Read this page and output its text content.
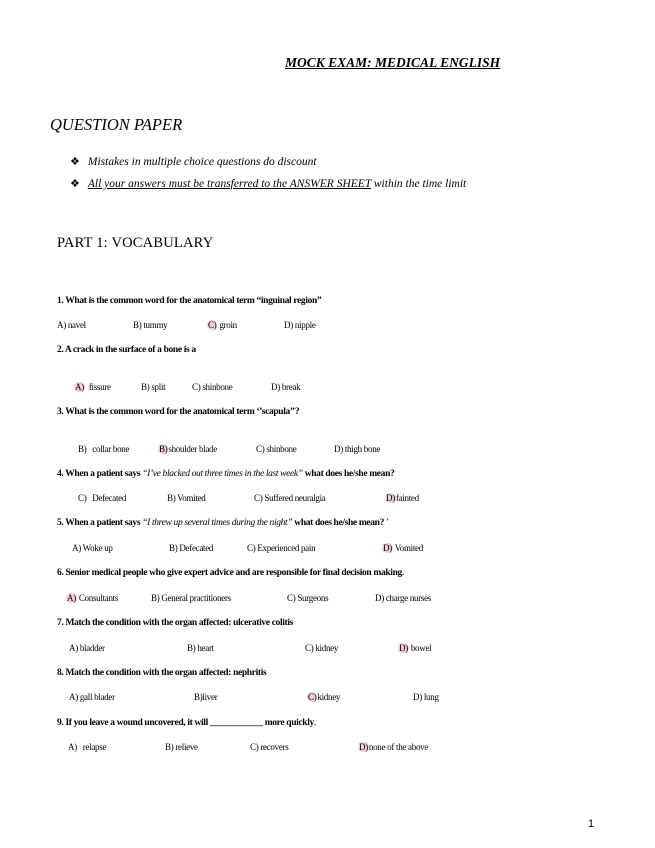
MOCK EXAM: MEDICAL ENGLISH
QUESTION PAPER
❖ Mistakes in multiple choice questions do discount
❖ All your answers must be transferred to the ANSWER SHEET within the time limit
PART 1: VOCABULARY
1. What is the common word for the anatomical term “inguinal region”
A) navel	B) tummy	C) groin	D) nipple
2. A crack in the surface of a bone is a
A) fissure	B) split	C) shinbone	D) break
3. What is the common word for the anatomical term ‘’scapula’’?
B) collar bone	B)shoulder blade	C) shinbone	D) thigh bone
4. When a patient says “I’ve blacked out three times in the last week” what does he/she mean?
C) Defecated	B) Vomited	C) Suffered neuralgia	D)fainted
5. When a patient says “I threw up several times during the night” what does he/she mean? ’
A) Woke up	B) Defecated	C) Experienced pain	D) Vomited
6. Senior medical people who give expert advice and are responsible for final decision making.
A) Consultants	B) General practitioners	C) Surgeons	D) charge nurses
7. Match the condition with the organ affected: ulcerative colitis
A) bladder	B) heart	C) kidney	D) bowel
8. Match the condition with the organ affected: nephritis
A) gall blader	B)liver	C)kidney	D) lung
9. If you leave a wound uncovered, it will ____________ more quickly.
A) relapse	B) relieve	C) recovers	D)none of the above
1
